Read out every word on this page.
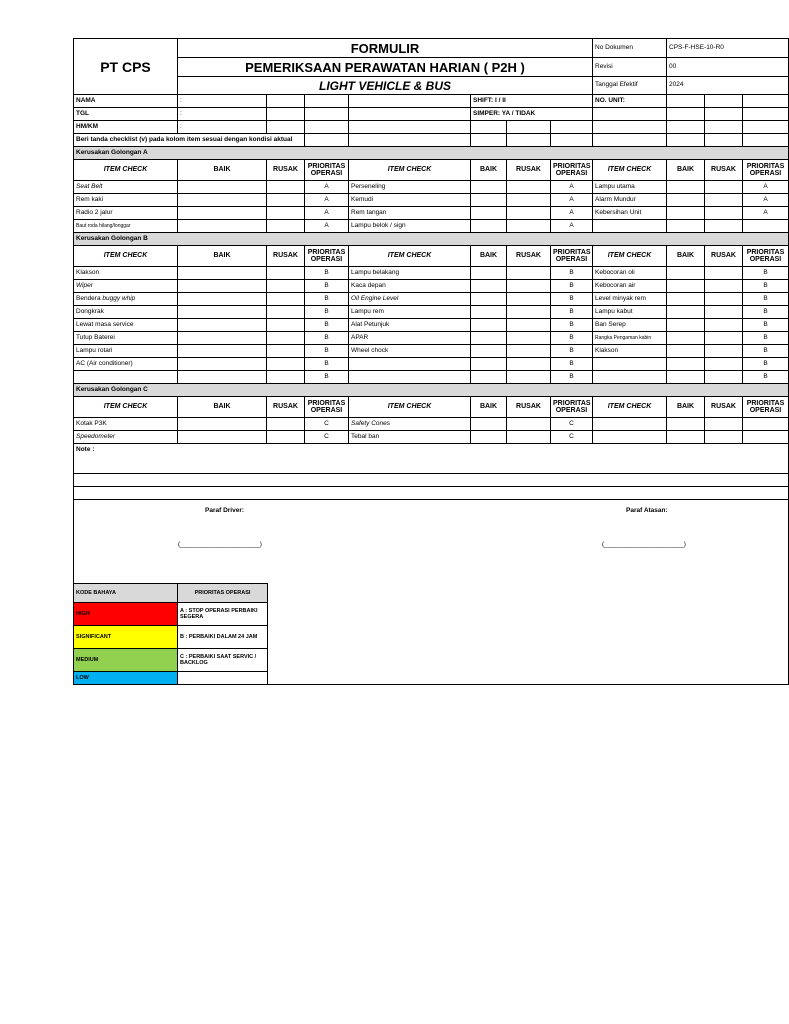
PT CPS	FORMULIR	No Dokumen	CPS-F-HSE-10-R0
PEMERIKSAAN PERAWATAN HARIAN ( P2H )	Revisi	00
LIGHT VEHICLE & BUS	Tanggal Efektif	2024
NAMA	:				SHIFT: I / II	NO. UNIT:			
TGL	:				SIMPER: YA / TIDAK				
HM/KM	:										
Beri tanda checklist (v) pada kolom item sesuai dengan kondisi aktual									
Kerusakan Golongan A
ITEM CHECK	BAIK	RUSAK	PRIORITAS OPERASI	ITEM CHECK	BAIK	RUSAK	PRIORITAS OPERASI	ITEM CHECK	BAIK	RUSAK	PRIORITAS OPERASI
Seat Belt			A	Perseneling			A	Lampu utama			A
Rem kaki			A	Kemudi			A	Alarm Mundur			A
Radio 2 jalur			A	Rem tangan			A	Kebersihan Unit			A
Baut roda hilang/longgar			A	Lampu belok / sign			A				
Kerusakan Golongan B
ITEM CHECK	BAIK	RUSAK	PRIORITAS OPERASI	ITEM CHECK	BAIK	RUSAK	PRIORITAS OPERASI	ITEM CHECK	BAIK	RUSAK	PRIORITAS OPERASI
Klakson			B	Lampu belakang			B	Kebocoran oli			B
Wiper			B	Kaca depan			B	Kebocoran air			B
Bendera buggy whip			B	Oil Engine Level			B	Level minyak rem			B
Dongkrak			B	Lampu rem			B	Lampu kabut			B
Lewat masa service			B	Alat Petunjuk			B	Ban Serep			B
Tutup Baterei			B	APAR			B	Rangka Pengaman kabin			B
Lampu rotari			B	Wheel chock			B	Klakson			B
AC (Air conditioner)			B				B				B
			B				B				B
Kerusakan Golongan C
ITEM CHECK	BAIK	RUSAK	PRIORITAS OPERASI	ITEM CHECK	BAIK	RUSAK	PRIORITAS OPERASI	ITEM CHECK	BAIK	RUSAK	PRIORITAS OPERASI
Kotak P3K			C	Safety Cones			C				
Speedometer			C	Tebal ban			C				
Note :

Paraf Driver:
(______________________)
Paraf Atasan:
(______________________)
KODE BAHAYA	PRIORITAS OPERASI
HIGH	A : STOP OPERASI PERBAIKI SEGERA
SIGNIFICANT	B : PERBAIKI DALAM 24 JAM
MEDIUM	C : PERBAIKI SAAT SERVIC / BACKLOG
LOW	
